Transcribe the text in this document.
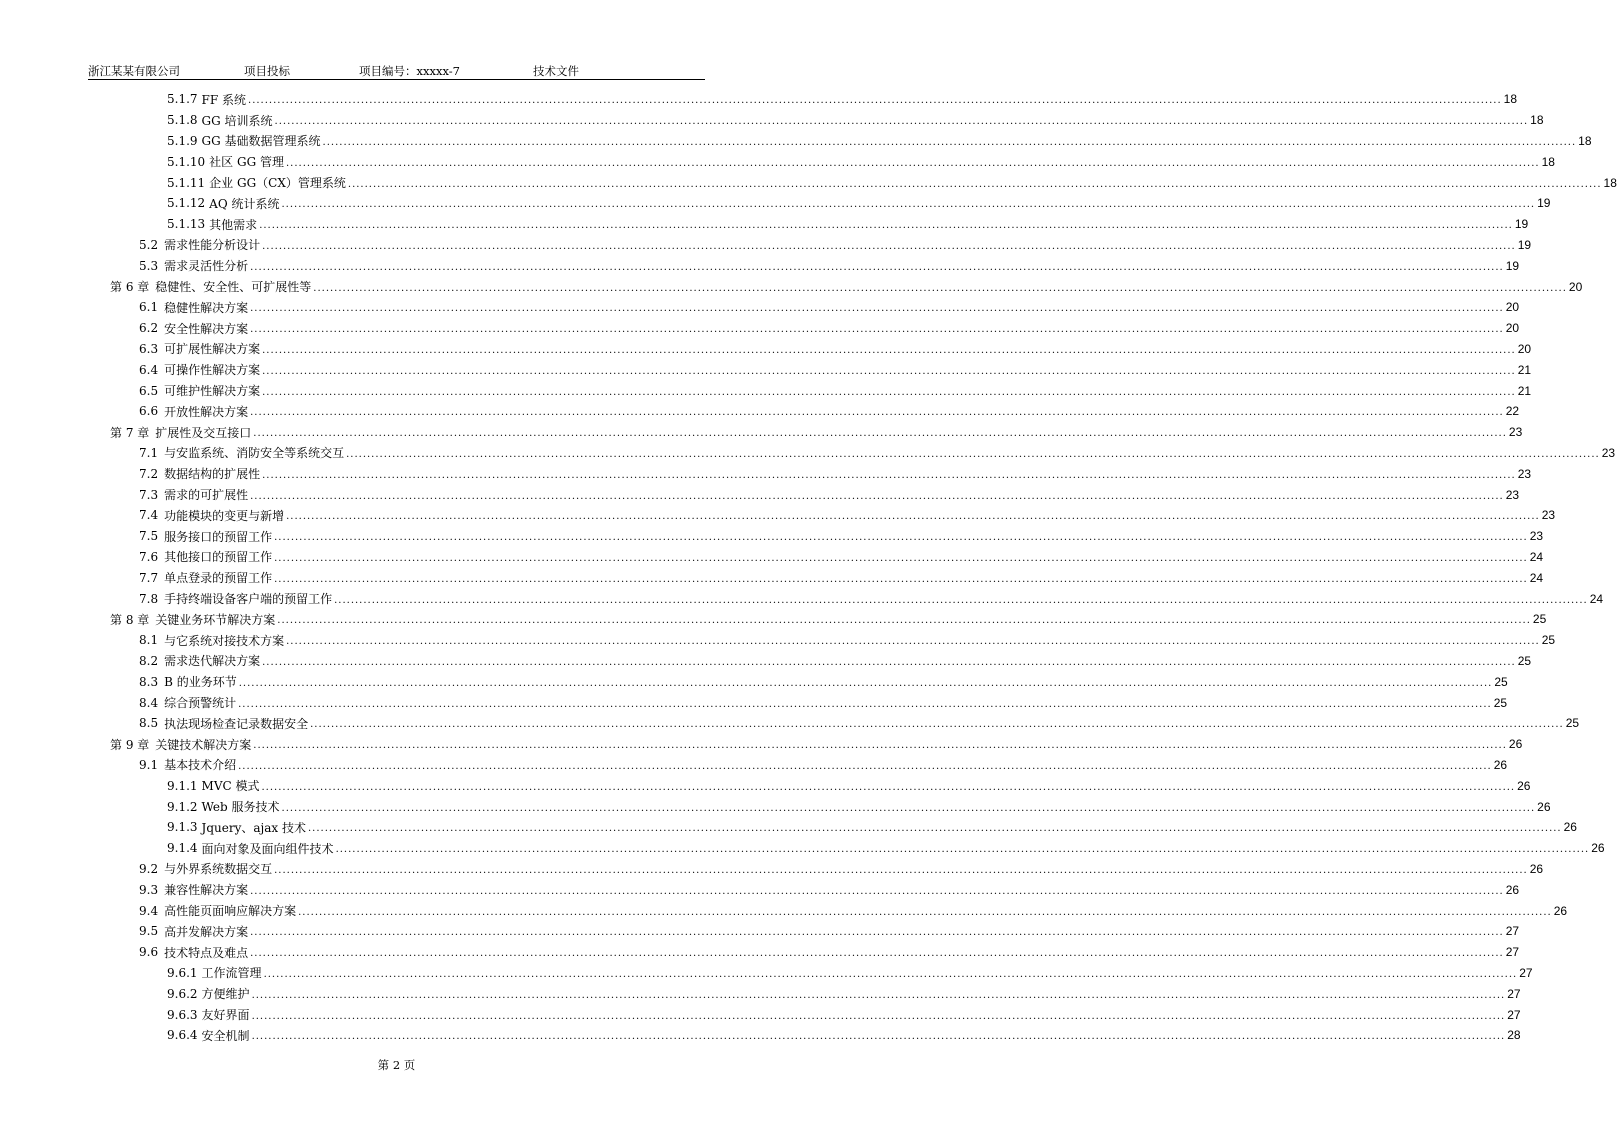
浙江某某有限公司	项目投标	项目编号：xxxxx-7	技术文件
5.1.7 FF 系统 ............................................................................................................................................................................................................................................................................................................ 18
5.1.8 GG 培训系统 ............................................................................................................................................................................................................................................................................................................ 18
5.1.9 GG 基础数据管理系统 ............................................................................................................................................................................................................................................................................................................ 18
5.1.10 社区 GG 管理 ............................................................................................................................................................................................................................................................................................................ 18
5.1.11 企业 GG（CX）管理系统 ............................................................................................................................................................................................................................................................................................................ 18
5.1.12 AQ 统计系统 ............................................................................................................................................................................................................................................................................................................ 19
5.1.13 其他需求 ............................................................................................................................................................................................................................................................................................................ 19
5.2 需求性能分析设计 ............................................................................................................................................................................................................................................................................................................ 19
5.3 需求灵活性分析 ............................................................................................................................................................................................................................................................................................................ 19
第 6 章 稳健性、安全性、可扩展性等 ............................................................................................................................................................................................................................................................................................................ 20
6.1 稳健性解决方案 ............................................................................................................................................................................................................................................................................................................ 20
6.2 安全性解决方案 ............................................................................................................................................................................................................................................................................................................ 20
6.3 可扩展性解决方案 ............................................................................................................................................................................................................................................................................................................ 20
6.4 可操作性解决方案 ............................................................................................................................................................................................................................................................................................................ 21
6.5 可维护性解决方案 ............................................................................................................................................................................................................................................................................................................ 21
6.6 开放性解决方案 ............................................................................................................................................................................................................................................................................................................ 22
第 7 章 扩展性及交互接口 ............................................................................................................................................................................................................................................................................................................ 23
7.1 与安监系统、消防安全等系统交互 ............................................................................................................................................................................................................................................................................................................ 23
7.2 数据结构的扩展性 ............................................................................................................................................................................................................................................................................................................ 23
7.3 需求的可扩展性 ............................................................................................................................................................................................................................................................................................................ 23
7.4 功能模块的变更与新增 ............................................................................................................................................................................................................................................................................................................ 23
7.5 服务接口的预留工作 ............................................................................................................................................................................................................................................................................................................ 23
7.6 其他接口的预留工作 ............................................................................................................................................................................................................................................................................................................ 24
7.7 单点登录的预留工作 ............................................................................................................................................................................................................................................................................................................ 24
7.8 手持终端设备客户端的预留工作 ............................................................................................................................................................................................................................................................................................................ 24
第 8 章 关键业务环节解决方案 ............................................................................................................................................................................................................................................................................................................ 25
8.1 与它系统对接技术方案 ............................................................................................................................................................................................................................................................................................................ 25
8.2 需求迭代解决方案 ............................................................................................................................................................................................................................................................................................................ 25
8.3 B 的业务环节 ............................................................................................................................................................................................................................................................................................................ 25
8.4 综合预警统计 ............................................................................................................................................................................................................................................................................................................ 25
8.5 执法现场检查记录数据安全 ............................................................................................................................................................................................................................................................................................................ 25
第 9 章 关键技术解决方案 ............................................................................................................................................................................................................................................................................................................ 26
9.1 基本技术介绍 ............................................................................................................................................................................................................................................................................................................ 26
9.1.1 MVC 模式 ............................................................................................................................................................................................................................................................................................................ 26
9.1.2 Web 服务技术 ............................................................................................................................................................................................................................................................................................................ 26
9.1.3 Jquery、ajax 技术 ............................................................................................................................................................................................................................................................................................................ 26
9.1.4 面向对象及面向组件技术 ............................................................................................................................................................................................................................................................................................................ 26
9.2 与外界系统数据交互 ............................................................................................................................................................................................................................................................................................................ 26
9.3 兼容性解决方案 ............................................................................................................................................................................................................................................................................................................ 26
9.4 高性能页面响应解决方案 ............................................................................................................................................................................................................................................................................................................ 26
9.5 高并发解决方案 ............................................................................................................................................................................................................................................................................................................ 27
9.6 技术特点及难点 ............................................................................................................................................................................................................................................................................................................ 27
9.6.1 工作流管理 ............................................................................................................................................................................................................................................................................................................ 27
9.6.2 方便维护 ............................................................................................................................................................................................................................................................................................................ 27
9.6.3 友好界面 ............................................................................................................................................................................................................................................................................................................ 27
9.6.4 安全机制 ............................................................................................................................................................................................................................................................................................................ 28
第 2 页
